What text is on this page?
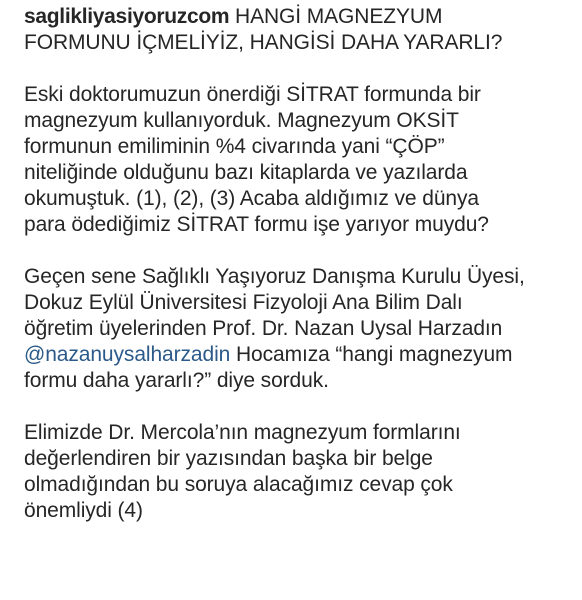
saglikliyasiyoruzcom HANGİ MAGNEZYUM
FORMUNU İÇMELİYİZ, HANGİSİ DAHA YARARLI?

Eski doktorumuzun önerdiği SİTRAT formunda bir
magnezyum kullanıyorduk. Magnezyum OKSİT
formunun emiliminin %4 civarında yani “ÇÖP”
niteliğinde olduğunu bazı kitaplarda ve yazılarda
okumuştuk. (1), (2), (3) Acaba aldığımız ve dünya
para ödediğimiz SİTRAT formu işe yarıyor muydu?

Geçen sene Sağlıklı Yaşıyoruz Danışma Kurulu Üyesi,
Dokuz Eylül Üniversitesi Fizyoloji Ana Bilim Dalı
öğretim üyelerinden Prof. Dr. Nazan Uysal Harzadın
@nazanuysalharzadin Hocamıza “hangi magnezyum
formu daha yararlı?” diye sorduk.

Elimizde Dr. Mercola’nın magnezyum formlarını
değerlendiren bir yazısından başka bir belge
olmadığından bu soruya alacağımız cevap çok
önemliydi (4)
